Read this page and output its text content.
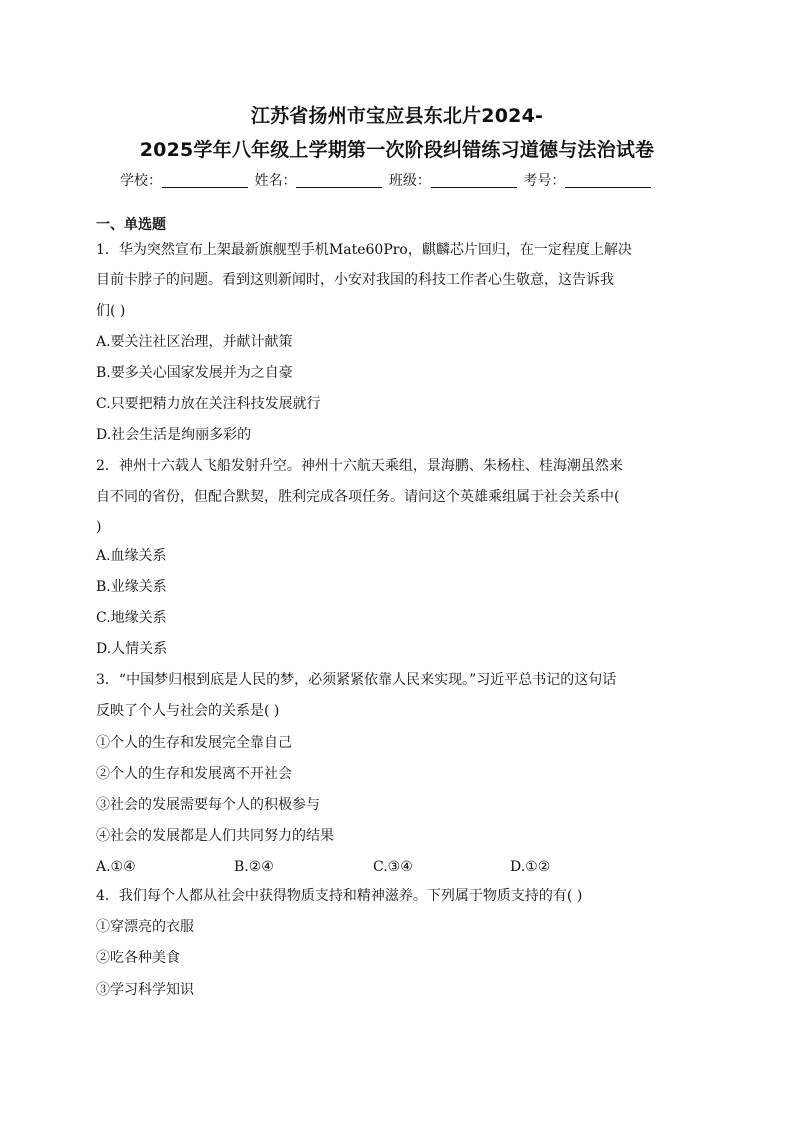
江苏省扬州市宝应县东北片2024-
2025学年八年级上学期第一次阶段纠错练习道德与法治试卷
学校：	姓名：	班级：	考号：
一、单选题
1．华为突然宣布上架最新旗舰型手机Mate60Pro，麒麟芯片回归，在一定程度上解决
目前卡脖子的问题。看到这则新闻时，小安对我国的科技工作者心生敬意，这告诉我
们( )
A.要关注社区治理，并献计献策
B.要多关心国家发展并为之自豪
C.只要把精力放在关注科技发展就行
D.社会生活是绚丽多彩的
2．神州十六载人飞船发射升空。神州十六航天乘组，景海鹏、朱杨柱、桂海潮虽然来
自不同的省份，但配合默契，胜利完成各项任务。请问这个英雄乘组属于社会关系中(
)
A.血缘关系
B.业缘关系
C.地缘关系
D.人情关系
3．“中国梦归根到底是人民的梦，必须紧紧依靠人民来实现。”习近平总书记的这句话
反映了个人与社会的关系是( )
①个人的生存和发展完全靠自己
②个人的生存和发展离不开社会
③社会的发展需要每个人的积极参与
④社会的发展都是人们共同努力的结果
A.①④	B.②④	C.③④	D.①②
4．我们每个人都从社会中获得物质支持和精神滋养。下列属于物质支持的有( )
①穿漂亮的衣服
②吃各种美食
③学习科学知识
